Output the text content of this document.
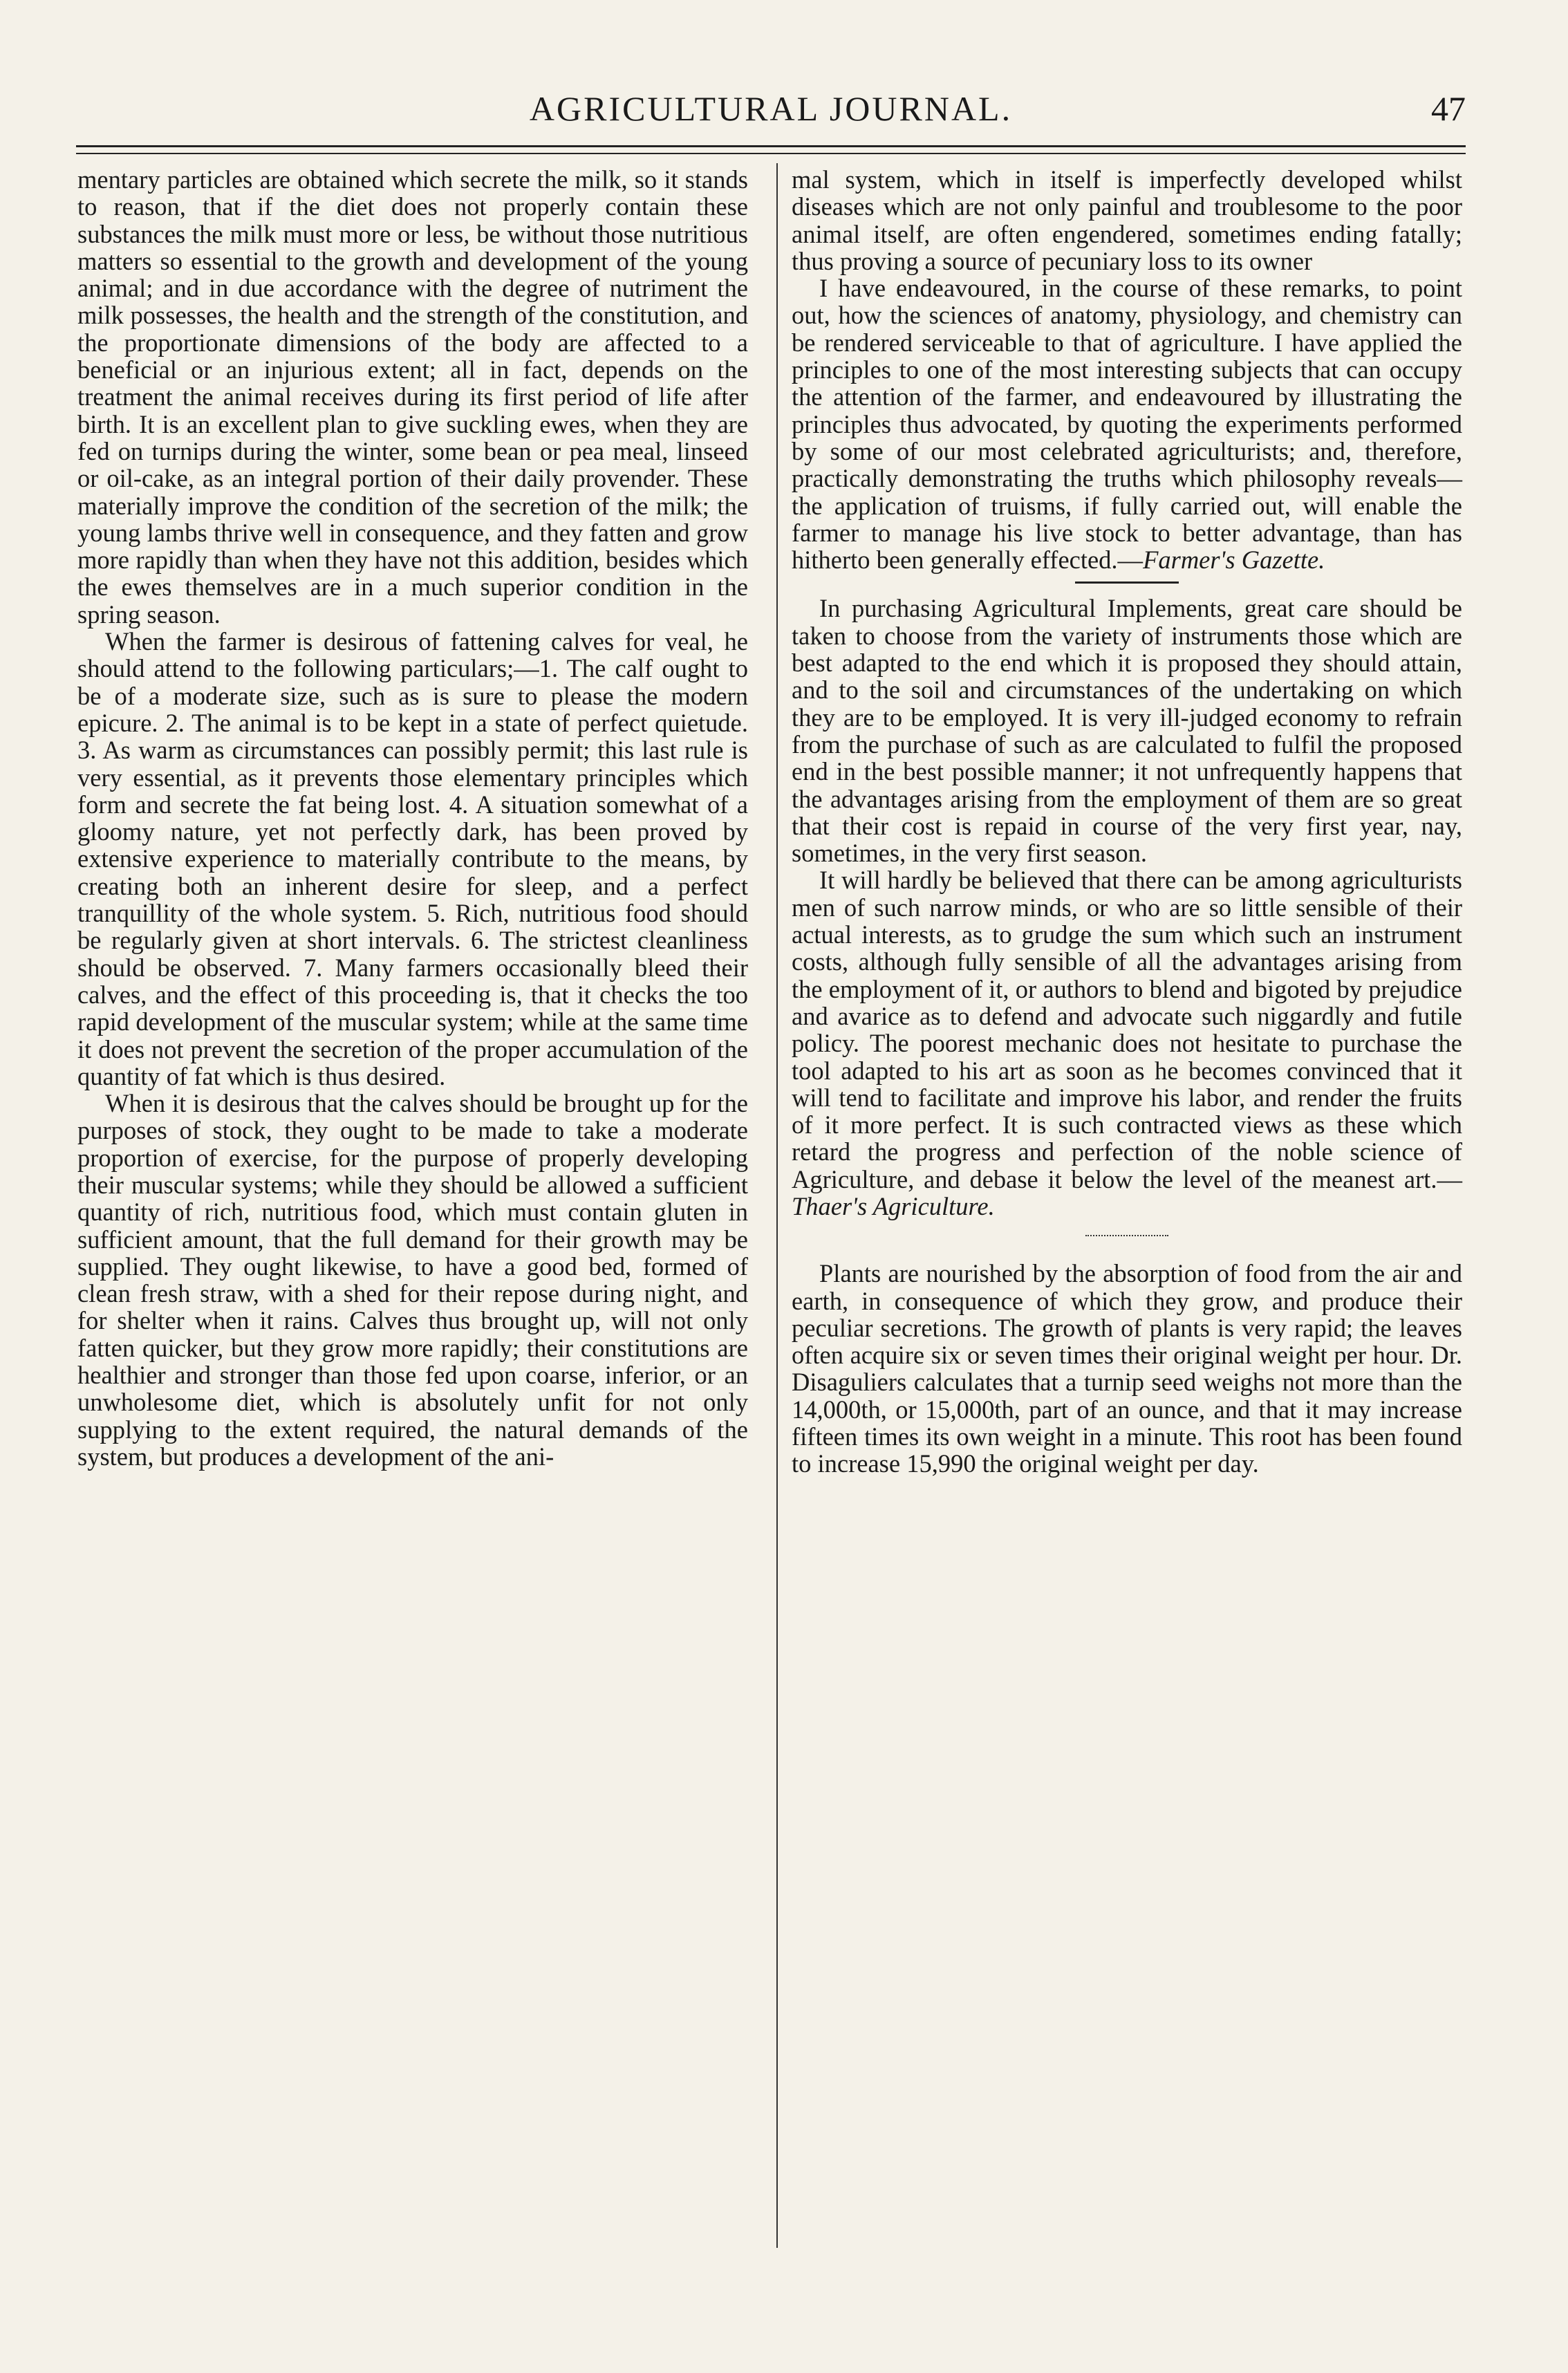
AGRICULTURAL JOURNAL.	47

mentary particles are obtained which secrete the milk, so it stands to reason, that if the diet does not properly contain these substances the milk must more or less, be without those nutritious matters so essential to the growth and development of the young animal; and in due accordance with the degree of nutriment the milk possesses, the health and the strength of the constitution, and the proportionate dimensions of the body are affected to a beneficial or an injurious extent; all in fact, depends on the treatment the animal receives during its first period of life after birth. It is an excellent plan to give suckling ewes, when they are fed on turnips during the winter, some bean or pea meal, linseed or oil-cake, as an integral portion of their daily provender. These materially improve the condition of the secretion of the milk; the young lambs thrive well in consequence, and they fatten and grow more rapidly than when they have not this addition, besides which the ewes themselves are in a much superior condition in the spring season.

When the farmer is desirous of fattening calves for veal, he should attend to the following particulars;—1. The calf ought to be of a moderate size, such as is sure to please the modern epicure. 2. The animal is to be kept in a state of perfect quietude. 3. As warm as circumstances can possibly permit; this last rule is very essential, as it prevents those elementary principles which form and secrete the fat being lost. 4. A situation somewhat of a gloomy nature, yet not perfectly dark, has been proved by extensive experience to materially contribute to the means, by creating both an inherent desire for sleep, and a perfect tranquillity of the whole system. 5. Rich, nutritious food should be regularly given at short intervals. 6. The strictest cleanliness should be observed. 7. Many farmers occasionally bleed their calves, and the effect of this proceeding is, that it checks the too rapid development of the muscular system; while at the same time it does not prevent the secretion of the proper accumulation of the quantity of fat which is thus desired.

When it is desirous that the calves should be brought up for the purposes of stock, they ought to be made to take a moderate proportion of exercise, for the purpose of properly developing their muscular systems; while they should be allowed a sufficient quantity of rich, nutritious food, which must contain gluten in sufficient amount, that the full demand for their growth may be supplied. They ought likewise, to have a good bed, formed of clean fresh straw, with a shed for their repose during night, and for shelter when it rains. Calves thus brought up, will not only fatten quicker, but they grow more rapidly; their constitutions are healthier and stronger than those fed upon coarse, inferior, or an unwholesome diet, which is absolutely unfit for not only supplying to the extent required, the natural demands of the system, but produces a development of the ani-

mal system, which in itself is imperfectly developed whilst diseases which are not only painful and troublesome to the poor animal itself, are often engendered, sometimes ending fatally; thus proving a source of pecuniary loss to its owner

I have endeavoured, in the course of these remarks, to point out, how the sciences of anatomy, physiology, and chemistry can be rendered serviceable to that of agriculture. I have applied the principles to one of the most interesting subjects that can occupy the attention of the farmer, and endeavoured by illustrating the principles thus advocated, by quoting the experiments performed by some of our most celebrated agriculturists; and, therefore, practically demonstrating the truths which philosophy reveals—the application of truisms, if fully carried out, will enable the farmer to manage his live stock to better advantage, than has hitherto been generally effected.—Farmer's Gazette.

In purchasing Agricultural Implements, great care should be taken to choose from the variety of instruments those which are best adapted to the end which it is proposed they should attain, and to the soil and circumstances of the undertaking on which they are to be employed. It is very ill-judged economy to refrain from the purchase of such as are calculated to fulfil the proposed end in the best possible manner; it not unfrequently happens that the advantages arising from the employment of them are so great that their cost is repaid in course of the very first year, nay, sometimes, in the very first season.

It will hardly be believed that there can be among agriculturists men of such narrow minds, or who are so little sensible of their actual interests, as to grudge the sum which such an instrument costs, although fully sensible of all the advantages arising from the employment of it, or authors to blend and bigoted by prejudice and avarice as to defend and advocate such niggardly and futile policy. The poorest mechanic does not hesitate to purchase the tool adapted to his art as soon as he becomes convinced that it will tend to facilitate and improve his labor, and render the fruits of it more perfect. It is such contracted views as these which retard the progress and perfection of the noble science of Agriculture, and debase it below the level of the meanest art.—Thaer's Agriculture.

Plants are nourished by the absorption of food from the air and earth, in consequence of which they grow, and produce their peculiar secretions. The growth of plants is very rapid; the leaves often acquire six or seven times their original weight per hour. Dr. Disaguliers calculates that a turnip seed weighs not more than the 14,000th, or 15,000th, part of an ounce, and that it may increase fifteen times its own weight in a minute. This root has been found to increase 15,990 the original weight per day.
